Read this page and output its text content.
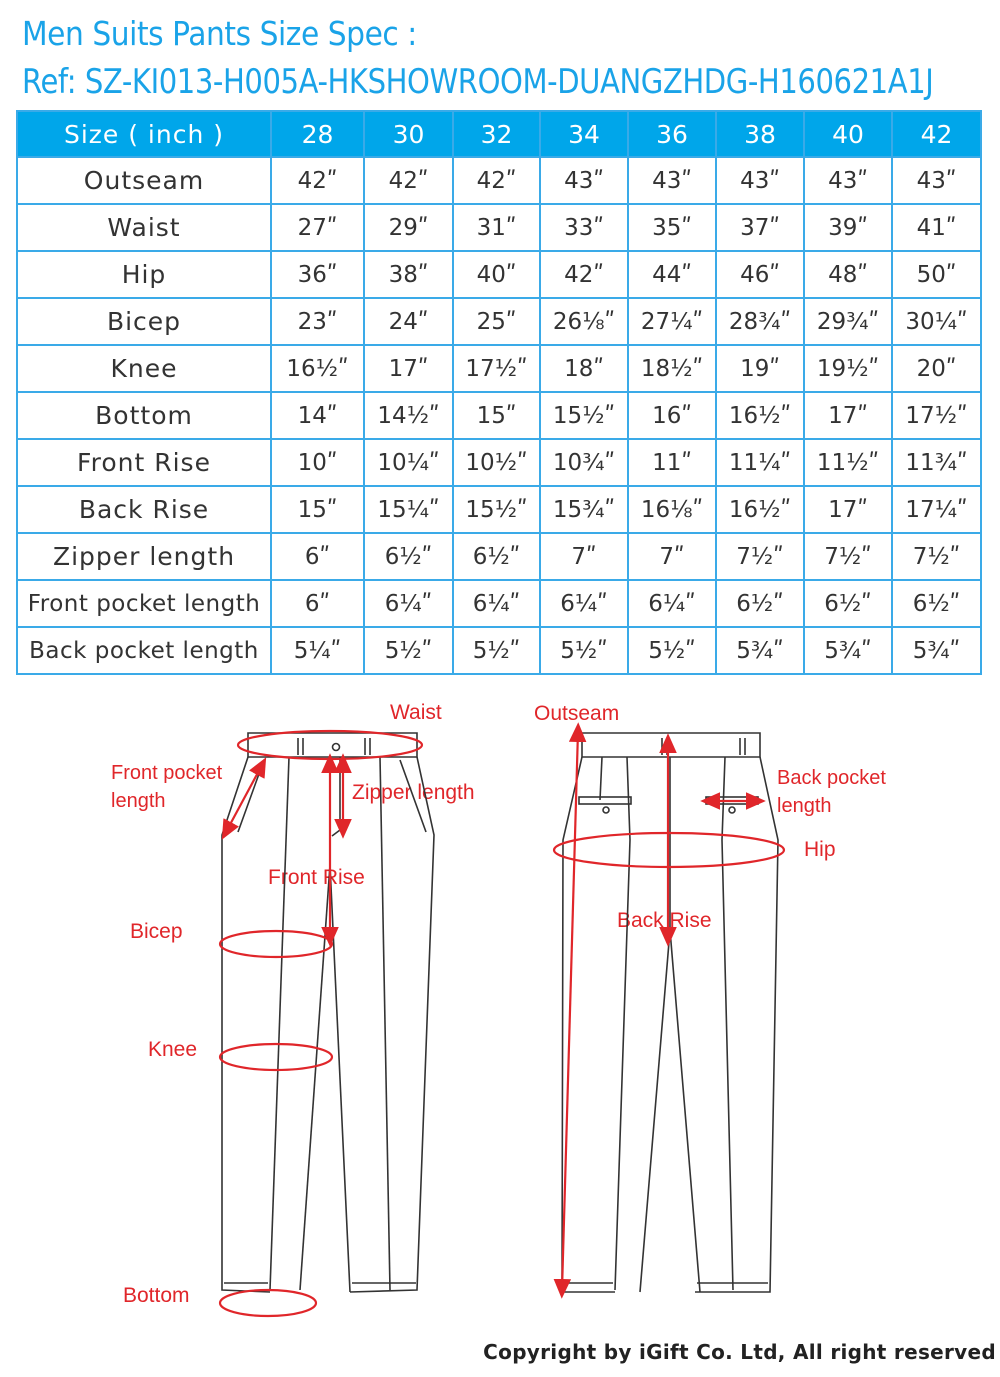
Men Suits Pants Size Spec :
Ref: SZ-KI013-H005A-HKSHOWROOM-DUANGZHDG-H160621A1J
Size ( inch )	28	30	32	34	36	38	40	42
Outseam	42ʺ	42ʺ	42ʺ	43ʺ	43ʺ	43ʺ	43ʺ	43ʺ
Waist	27ʺ	29ʺ	31ʺ	33ʺ	35ʺ	37ʺ	39ʺ	41ʺ
Hip	36ʺ	38ʺ	40ʺ	42ʺ	44ʺ	46ʺ	48ʺ	50ʺ
Bicep	23ʺ	24ʺ	25ʺ	26⅛ʺ	27¼ʺ	28¾ʺ	29¾ʺ	30¼ʺ
Knee	16½ʺ	17ʺ	17½ʺ	18ʺ	18½ʺ	19ʺ	19½ʺ	20ʺ
Bottom	14ʺ	14½ʺ	15ʺ	15½ʺ	16ʺ	16½ʺ	17ʺ	17½ʺ
Front Rise	10ʺ	10¼ʺ	10½ʺ	10¾ʺ	11ʺ	11¼ʺ	11½ʺ	11¾ʺ
Back Rise	15ʺ	15¼ʺ	15½ʺ	15¾ʺ	16⅛ʺ	16½ʺ	17ʺ	17¼ʺ
Zipper length	6ʺ	6½ʺ	6½ʺ	7ʺ	7ʺ	7½ʺ	7½ʺ	7½ʺ
Front pocket length	6ʺ	6¼ʺ	6¼ʺ	6¼ʺ	6¼ʺ	6½ʺ	6½ʺ	6½ʺ
Back pocket length	5¼ʺ	5½ʺ	5½ʺ	5½ʺ	5½ʺ	5¾ʺ	5¾ʺ	5¾ʺ
Waist	Outseam
Front pocket
length	Zipper length
Front Rise
Back pocket
length
Hip
Back Rise
Bicep
Knee
Bottom
Copyright by iGift Co. Ltd, All right reserved
